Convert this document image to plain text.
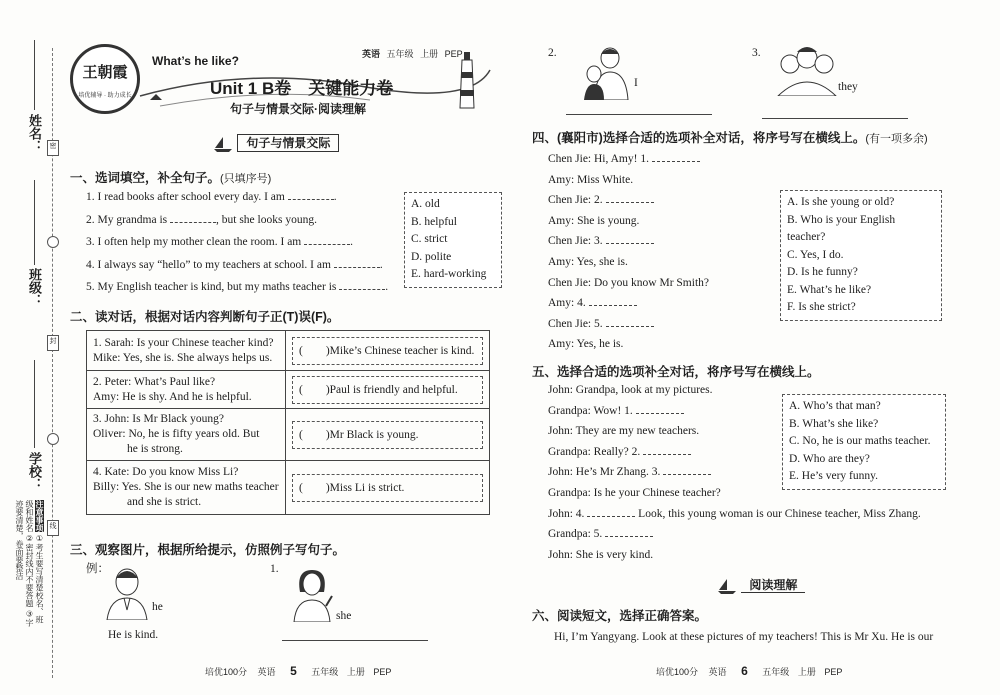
姓名：
班级：
学校：
密
封
线
注意事项 ①考生要写清楚校名、班级和姓名 ②密封线内不要答题 ③字迹要清楚，卷面要整洁
王朝霞
培优辅导 · 助力成长
What’s he like?	英语 五年级 上册 PEP
Unit 1 B卷　关键能力卷
句子与情景交际·阅读理解
句子与情景交际
一、选词填空，补全句子。(只填序号)
1. I read books after school every day. I am	.
2. My grandma is	, but she looks young.
3. I often help my mother clean the room. I am	.
4. I always say “hello” to my teachers at school. I am	.
5. My English teacher is kind, but my maths teacher is	.
A. old
B. helpful
C. strict
D. polite
E. hard-working
二、读对话，根据对话内容判断句子正(T)误(F)。
1. Sarah: Is your Chinese teacher kind?
Mike: Yes, she is. She always helps us.	(　　)Mike’s Chinese teacher is kind.

2. Peter: What’s Paul like?
Amy: He is shy. And he is helpful.	(　　)Paul is friendly and helpful.

3. John: Is Mr Black young?
Oliver: No, he is fifty years old. But
he is strong.	(　　)Mr Black is young.

4. Kate: Do you know Miss Li?
Billy: Yes. She is our new maths teacher
and she is strict.	(　　)Miss Li is strict.
三、观察图片，根据所给提示，仿照例子写句子。
例：
he
He is kind.
1.
she
培优100分 英语 5 五年级 上册 PEP
2.
I
3.
they
四、(襄阳市)选择合适的选项补全对话，将序号写在横线上。(有一项多余)
Chen Jie: Hi, Amy! 1.
Amy: Miss White.
Chen Jie: 2.
Amy: She is young.
Chen Jie: 3.
Amy: Yes, she is.
Chen Jie: Do you know Mr Smith?
Amy: 4.
Chen Jie: 5.
Amy: Yes, he is.
A. Is she young or old?
B. Who is your English teacher?
C. Yes, I do.
D. Is he funny?
E. What’s he like?
F. Is she strict?
五、选择合适的选项补全对话，将序号写在横线上。
John: Grandpa, look at my pictures.
Grandpa: Wow! 1.
John: They are my new teachers.
Grandpa: Really? 2.
John: He’s Mr Zhang. 3.
Grandpa: Is he your Chinese teacher?
John: 4.	Look, this young woman is our Chinese teacher, Miss Zhang.
Grandpa: 5.
John: She is very kind.
A. Who’s that man?
B. What’s she like?
C. No, he is our maths teacher.
D. Who are they?
E. He’s very funny.
阅读理解
六、阅读短文，选择正确答案。
Hi, I’m Yangyang. Look at these pictures of my teachers! This is Mr Xu. He is our
培优100分 英语 6 五年级 上册 PEP
